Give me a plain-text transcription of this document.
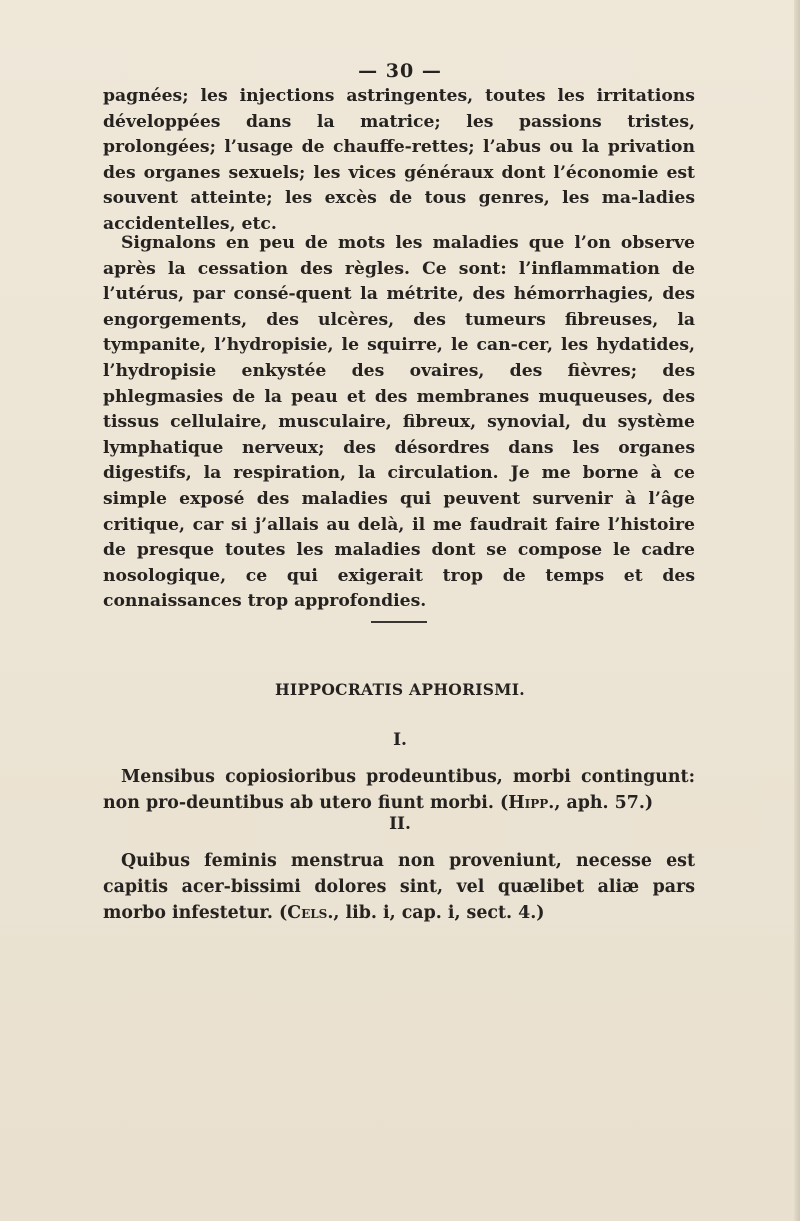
— 30 —

pagnées; les injections astringentes, toutes les irritations développées dans la matrice; les passions tristes, prolongées; l’usage de chauffe-rettes; l’abus ou la privation des organes sexuels; les vices généraux dont l’économie est souvent atteinte; les excès de tous genres, les ma-ladies accidentelles, etc.

Signalons en peu de mots les maladies que l’on observe après la cessation des règles. Ce sont: l’inflammation de l’utérus, par consé-quent la métrite, des hémorrhagies, des engorgements, des ulcères, des tumeurs fibreuses, la tympanite, l’hydropisie, le squirre, le can-cer, les hydatides, l’hydropisie enkystée des ovaires, des fièvres; des phlegmasies de la peau et des membranes muqueuses, des tissus cellulaire, musculaire, fibreux, synovial, du système lymphatique nerveux; des désordres dans les organes digestifs, la respiration, la circulation. Je me borne à ce simple exposé des maladies qui peuvent survenir à l’âge critique, car si j’allais au delà, il me faudrait faire l’histoire de presque toutes les maladies dont se compose le cadre nosologique, ce qui exigerait trop de temps et des connaissances trop approfondies.

HIPPOCRATIS APHORISMI.
I.
Mensibus copiosioribus prodeuntibus, morbi contingunt: non pro-deuntibus ab utero fiunt morbi. (Hipp., aph. 57.)
II.
Quibus feminis menstrua non proveniunt, necesse est capitis acer-bissimi dolores sint, vel quælibet aliæ pars morbo infestetur. (Cels., lib. i, cap. i, sect. 4.)
